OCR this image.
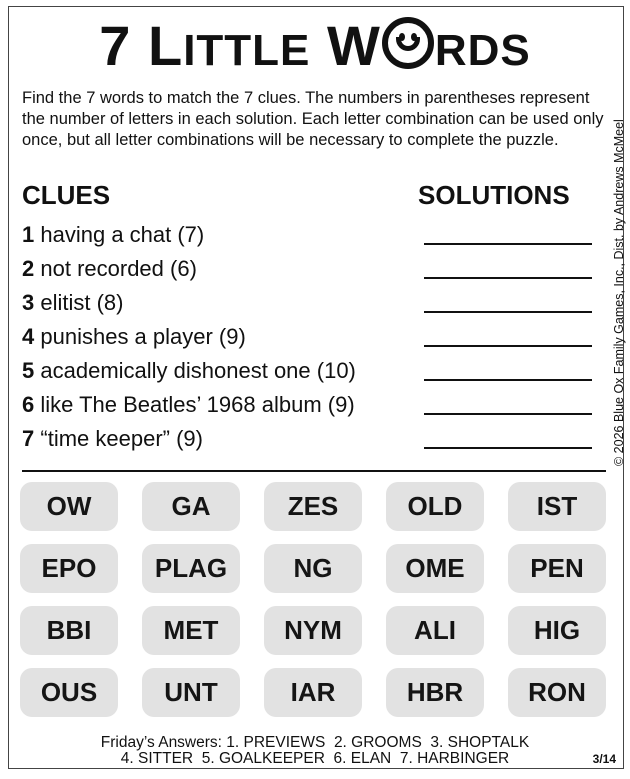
7 LITTLE W RDS
Find the 7 words to match the 7 clues. The numbers in parentheses represent the number of letters in each solution. Each letter combination can be used only once, but all letter combinations will be necessary to complete the puzzle.	© 2026 Blue Ox Family Games, Inc., Dist. by Andrews McMeel
CLUES	SOLUTIONS
1 having a chat (7)
2 not recorded (6)
3 elitist (8)
4 punishes a player (9)
5 academically dishonest one (10)
6 like The Beatles’ 1968 album (9)
7 “time keeper” (9)
OW	GA	ZES	OLD	IST
EPO	PLAG	NG	OME	PEN
BBI	MET	NYM	ALI	HIG
OUS	UNT	IAR	HBR	RON
Friday’s Answers: 1. PREVIEWS  2. GROOMS  3. SHOPTALK
4. SITTER  5. GOALKEEPER  6. ELAN  7. HARBINGER	3/14
